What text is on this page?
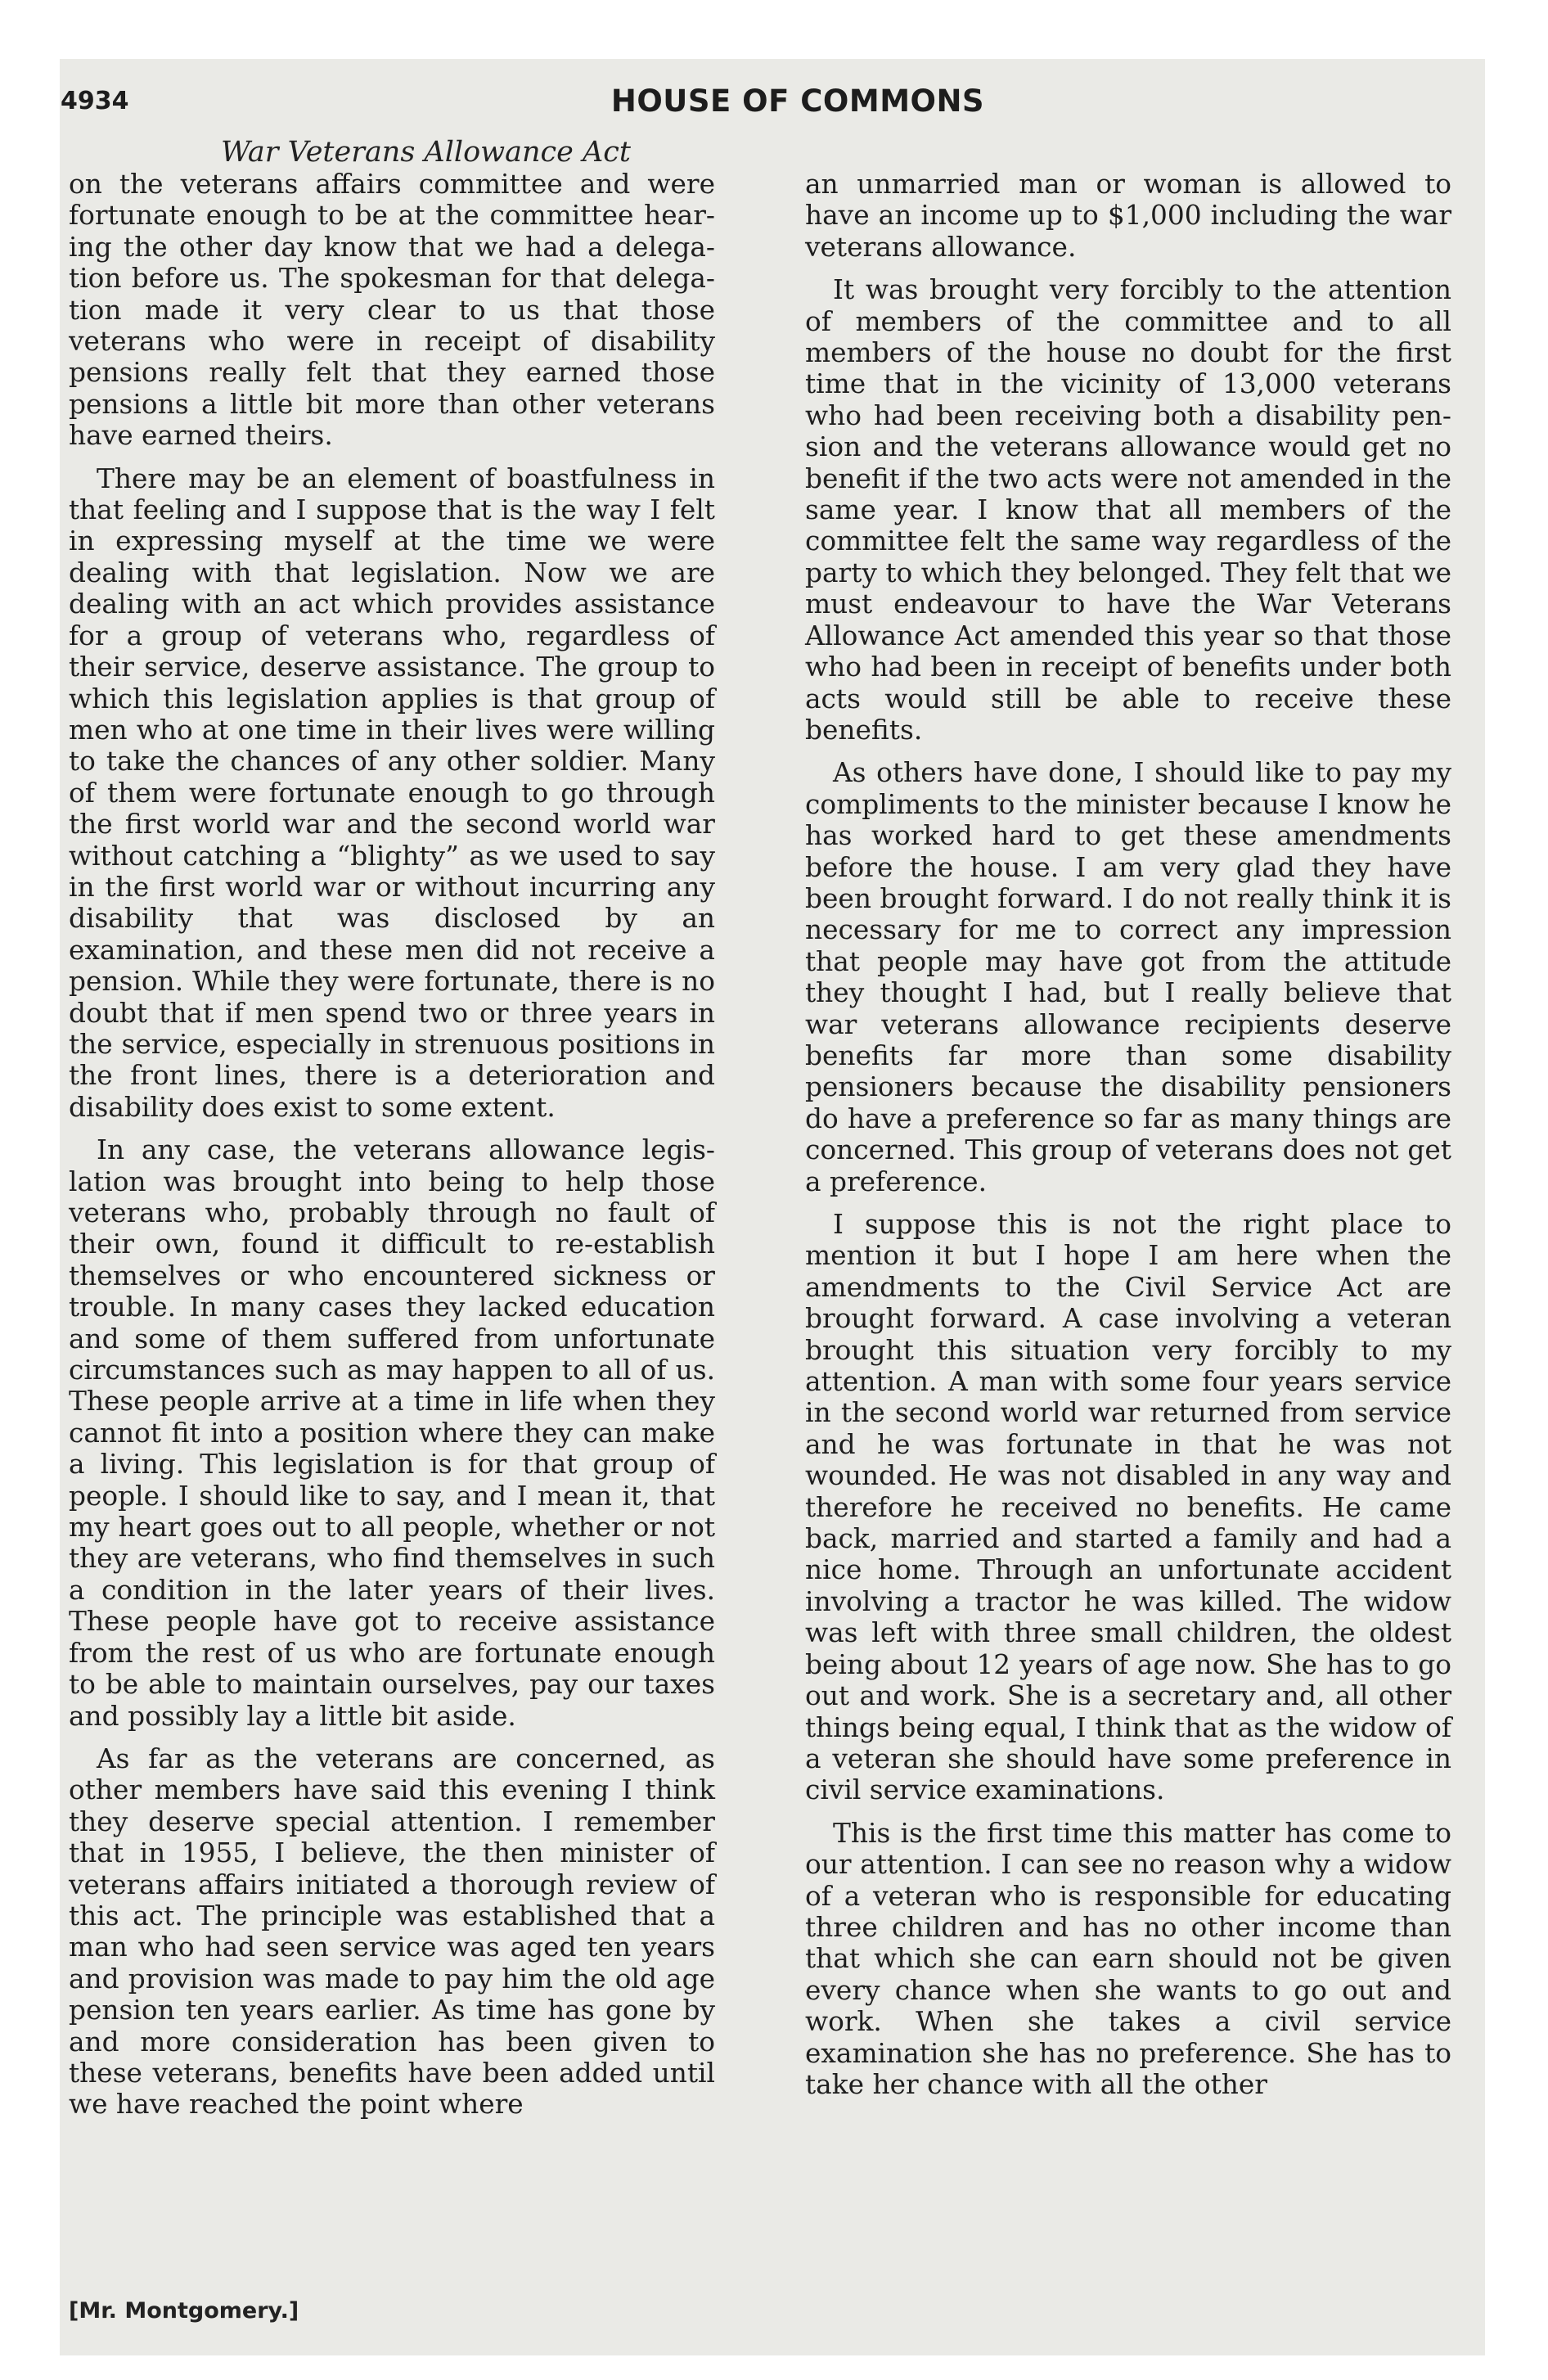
4934	HOUSE OF COMMONS
War Veterans Allowance Act

on the veterans affairs committee and were fortunate enough to be at the committee hearing the other day know that we had a delegation before us. The spokesman for that delegation made it very clear to us that those veterans who were in receipt of disability pensions really felt that they earned those pensions a little bit more than other veterans have earned theirs.

There may be an element of boastfulness in that feeling and I suppose that is the way I felt in expressing myself at the time we were dealing with that legislation. Now we are dealing with an act which provides assistance for a group of veterans who, regardless of their service, deserve assistance. The group to which this legislation applies is that group of men who at one time in their lives were willing to take the chances of any other soldier. Many of them were fortunate enough to go through the first world war and the second world war without catching a “blighty” as we used to say in the first world war or without incurring any disability that was disclosed by an examination, and these men did not receive a pension. While they were fortunate, there is no doubt that if men spend two or three years in the service, especially in strenuous positions in the front lines, there is a deterioration and disability does exist to some extent.

In any case, the veterans allowance legislation was brought into being to help those veterans who, probably through no fault of their own, found it difficult to re-establish themselves or who encountered sickness or trouble. In many cases they lacked education and some of them suffered from unfortunate circumstances such as may happen to all of us. These people arrive at a time in life when they cannot fit into a position where they can make a living. This legislation is for that group of people. I should like to say, and I mean it, that my heart goes out to all people, whether or not they are veterans, who find themselves in such a condition in the later years of their lives. These people have got to receive assistance from the rest of us who are fortunate enough to be able to maintain ourselves, pay our taxes and possibly lay a little bit aside.

As far as the veterans are concerned, as other members have said this evening I think they deserve special attention. I remember that in 1955, I believe, the then minister of veterans affairs initiated a thorough review of this act. The principle was established that a man who had seen service was aged ten years and provision was made to pay him the old age pension ten years earlier. As time has gone by and more consideration has been given to these veterans, benefits have been added until we have reached the point where

an unmarried man or woman is allowed to have an income up to $1,000 including the war veterans allowance.

It was brought very forcibly to the attention of members of the committee and to all members of the house no doubt for the first time that in the vicinity of 13,000 veterans who had been receiving both a disability pension and the veterans allowance would get no benefit if the two acts were not amended in the same year. I know that all members of the committee felt the same way regardless of the party to which they belonged. They felt that we must endeavour to have the War Veterans Allowance Act amended this year so that those who had been in receipt of benefits under both acts would still be able to receive these benefits.

As others have done, I should like to pay my compliments to the minister because I know he has worked hard to get these amendments before the house. I am very glad they have been brought forward. I do not really think it is necessary for me to correct any impression that people may have got from the attitude they thought I had, but I really believe that war veterans allowance recipients deserve benefits far more than some disability pensioners because the disability pensioners do have a preference so far as many things are concerned. This group of veterans does not get a preference.

I suppose this is not the right place to mention it but I hope I am here when the amendments to the Civil Service Act are brought forward. A case involving a veteran brought this situation very forcibly to my attention. A man with some four years service in the second world war returned from service and he was fortunate in that he was not wounded. He was not disabled in any way and therefore he received no benefits. He came back, married and started a family and had a nice home. Through an unfortunate accident involving a tractor he was killed. The widow was left with three small children, the oldest being about 12 years of age now. She has to go out and work. She is a secretary and, all other things being equal, I think that as the widow of a veteran she should have some preference in civil service examinations.

This is the first time this matter has come to our attention. I can see no reason why a widow of a veteran who is responsible for educating three children and has no other income than that which she can earn should not be given every chance when she wants to go out and work. When she takes a civil service examination she has no preference. She has to take her chance with all the other

[Mr. Montgomery.]
